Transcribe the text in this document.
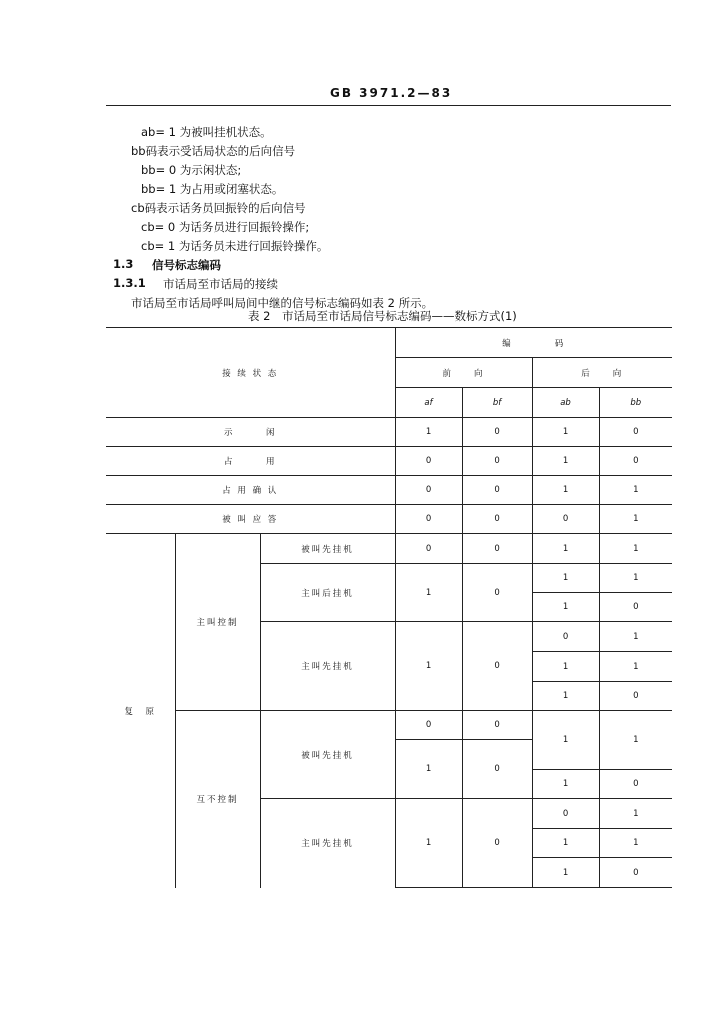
GB 3971.2—83
ab= 1 为被叫挂机状态。
bb码表示受话局状态的后向信号
bb= 0 为示闲状态;
bb= 1 为占用或闭塞状态。
cb码表示话务员回振铃的后向信号
cb= 0 为话务员进行回振铃操作;
cb= 1 为话务员未进行回振铃操作。
1.3 信号标志编码
1.3.1 市话局至市话局的接续
市话局至市话局呼叫局间中继的信号标志编码如表 2 所示。
表 2　市话局至市话局信号标志编码——数标方式(1)
接 续 状 态			编　　　　码			
			前　　向		后　　向	
			af	bf	ab	bb
示　　　闲			1	0	1	0
占　　　用			0	0	1	0
占 用 确 认			0	0	1	1
被 叫 应 答			0	0	0	1
复　原	主叫控制	被叫先挂机	0	0	1	1
		主叫后挂机	1	0	1	1
					1	0
		主叫先挂机	1	0	0	1
					1	1
					1	0
	互不控制	被叫先挂机	0	0	1	1
			1	0		
					1	0
		主叫先挂机	1	0	0	1
					1	1
					1	0
